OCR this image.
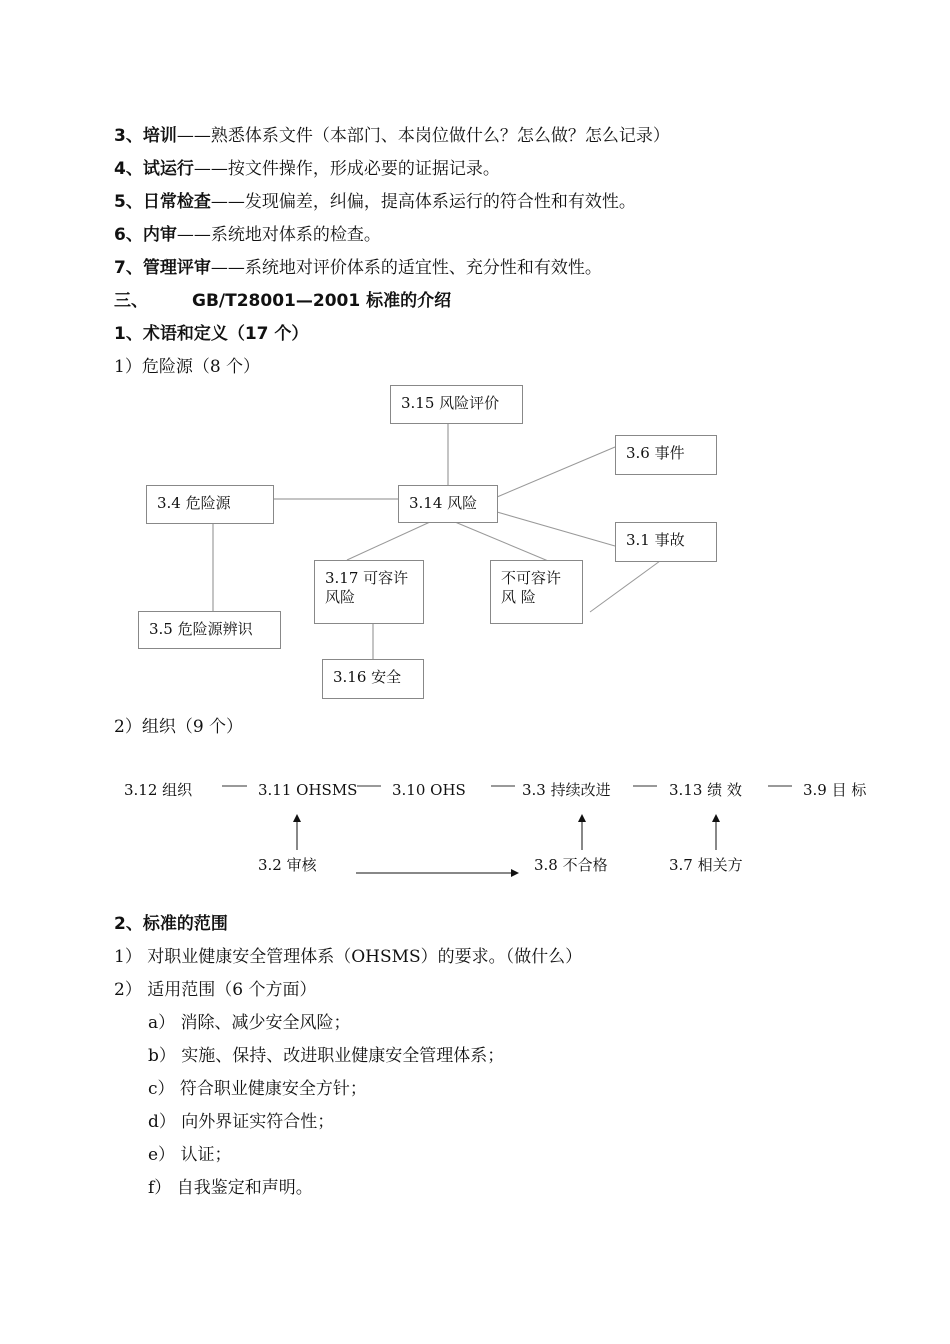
3、培训——熟悉体系文件（本部门、本岗位做什么？怎么做？怎么记录）
4、试运行——按文件操作，形成必要的证据记录。
5、日常检查——发现偏差，纠偏，提高体系运行的符合性和有效性。
6、内审——系统地对体系的检查。
7、管理评审——系统地对评价体系的适宜性、充分性和有效性。
三、	GB/T28001—2001 标准的介绍
1、术语和定义（17 个）
1）危险源（8 个）
3.15 风险评价
3.6 事件
3.4 危险源	3.14 风险
3.1 事故
3.17 可容许
风险
不可容许
风 险
3.5 危险源辨识
3.16 安全
2）组织（9 个）
3.12 组织	3.11 OHSMS 3.10 OHS	3.3 持续改进	3.13 绩 效	3.9 目 标
3.2 审核	3.8 不合格	3.7 相关方
2、标准的范围
1） 对职业健康安全管理体系（OHSMS）的要求。（做什么）
2） 适用范围（6 个方面）
a） 消除、减少安全风险；
b） 实施、保持、改进职业健康安全管理体系；
c） 符合职业健康安全方针；
d） 向外界证实符合性；
e） 认证；
f） 自我鉴定和声明。
